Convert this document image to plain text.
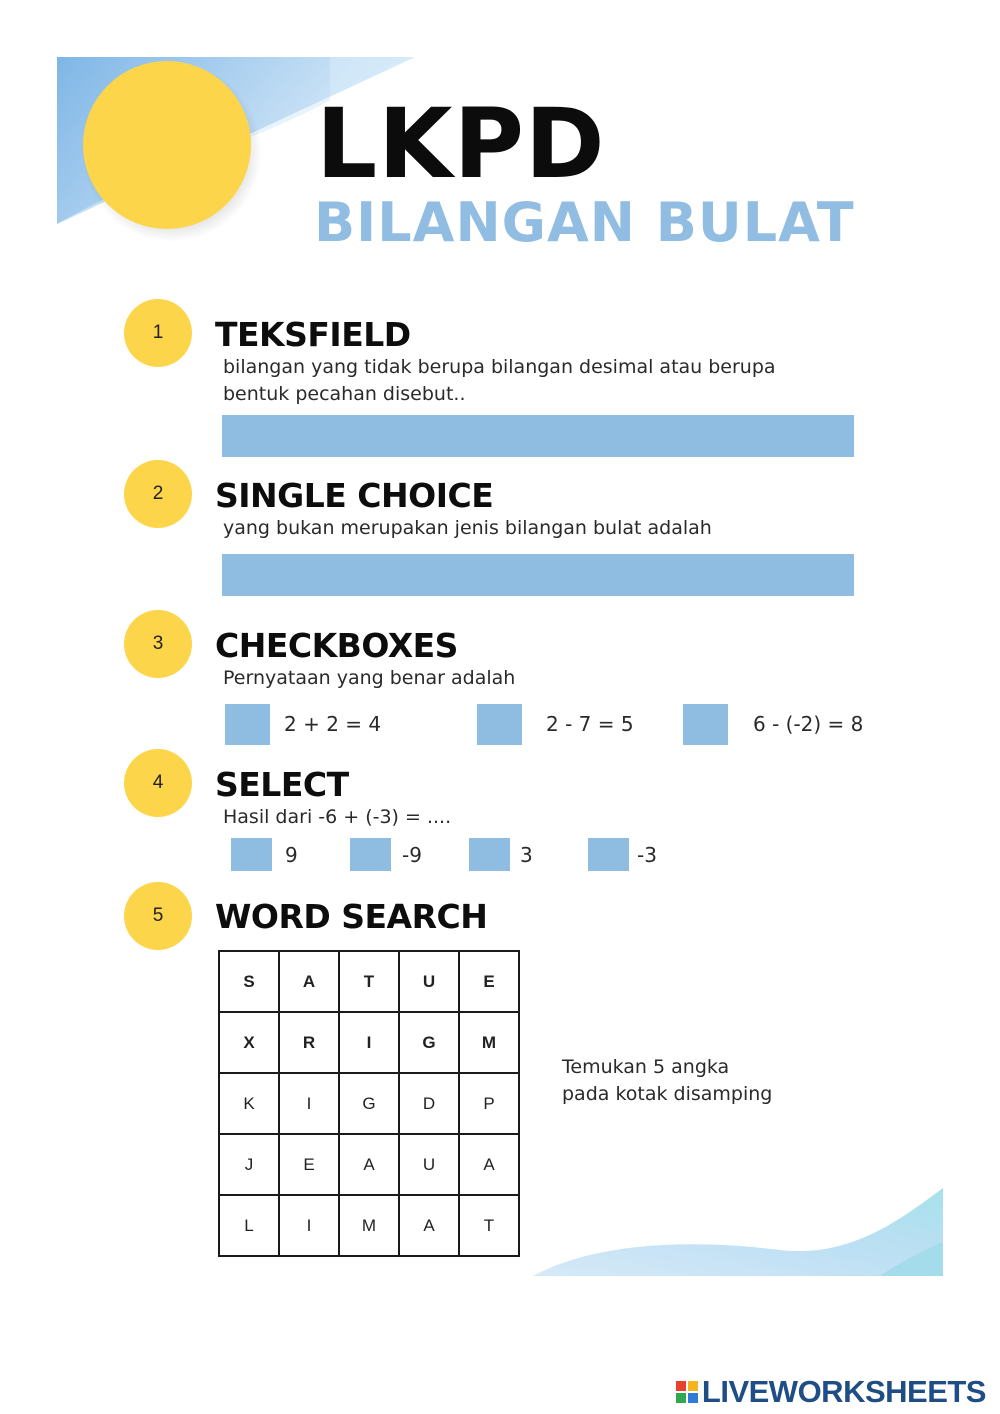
LKPD
BILANGAN BULAT
1	TEKSFIELD
bilangan yang tidak berupa bilangan desimal atau berupa bentuk pecahan disebut..
2	SINGLE CHOICE
yang bukan merupakan jenis bilangan bulat adalah
3	CHECKBOXES
Pernyataan yang benar adalah
2 + 2 = 4	2 - 7 = 5	6 - (-2) = 8
4	SELECT
Hasil dari -6 + (-3) = ....
9	-9	3	-3
5	WORD SEARCH
S	A	T	U	E
X	R	I	G	M
K	I	G	D	P
J	E	A	U	A
L	I	M	A	T
Temukan 5 angka
pada kotak disamping
LIVEWORKSHEETS
